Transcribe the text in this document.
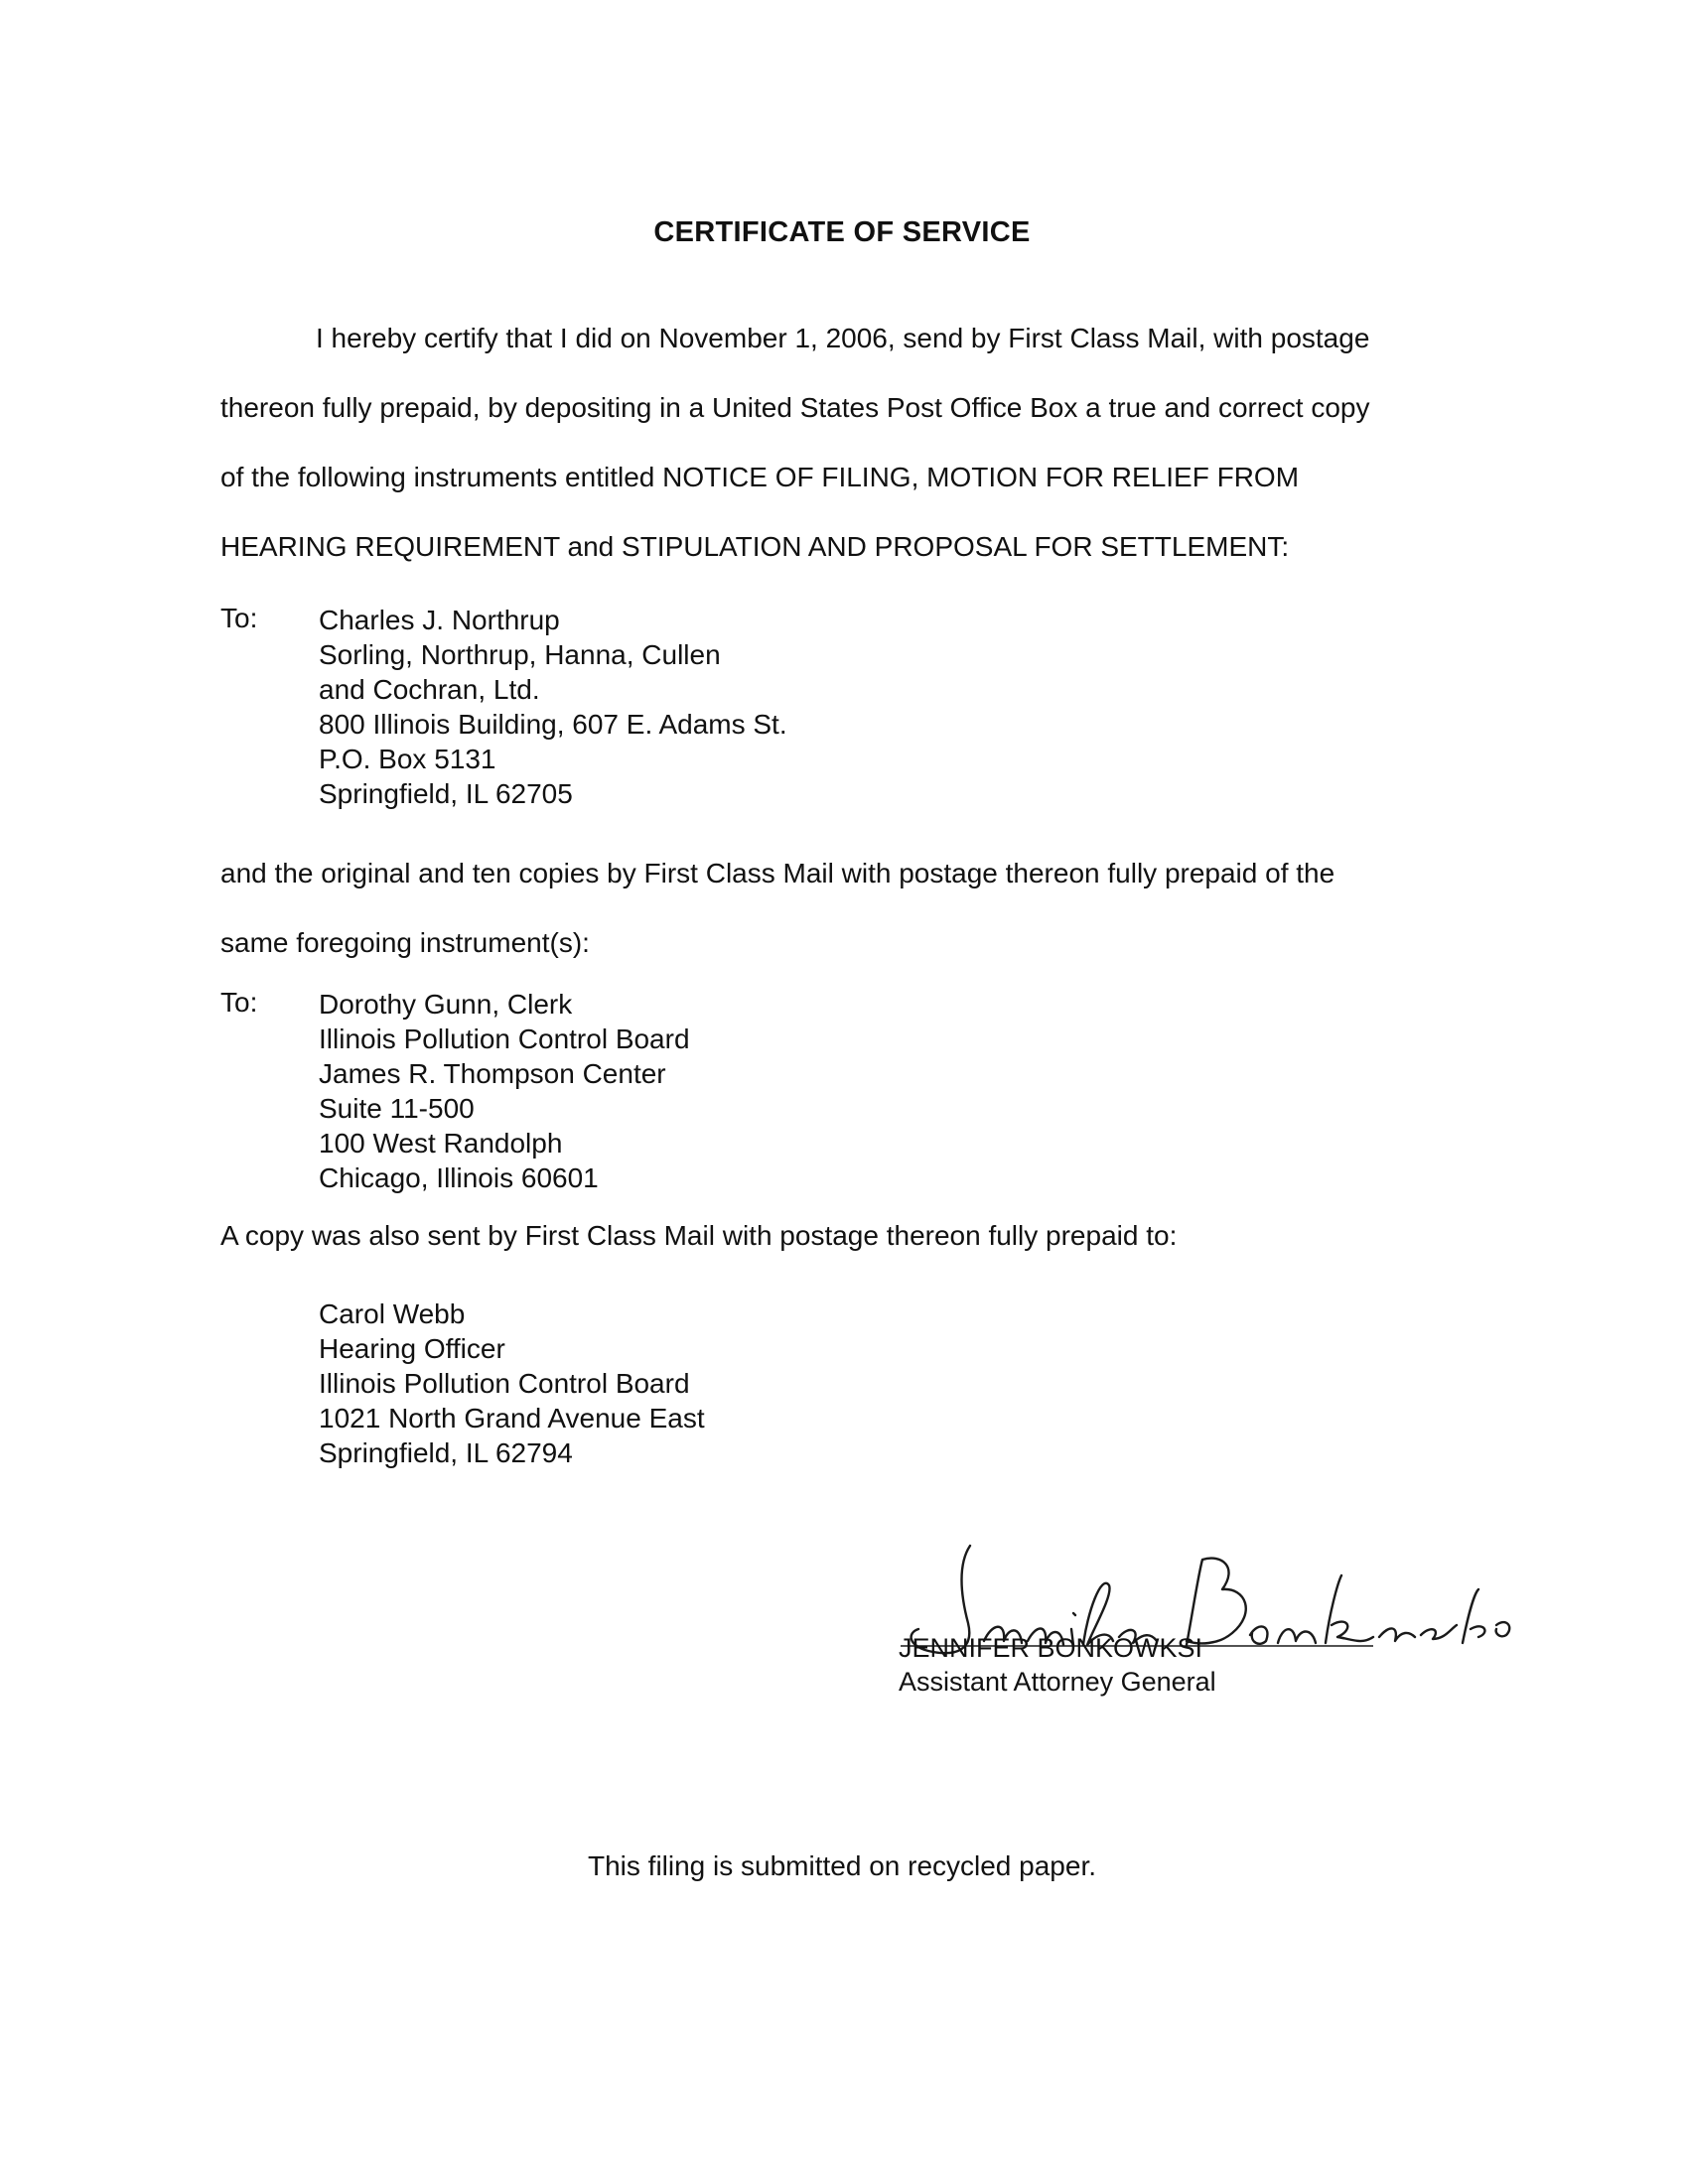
CERTIFICATE OF SERVICE
I hereby certify that I did on November 1, 2006, send by First Class Mail, with postage
thereon fully prepaid, by depositing in a United States Post Office Box a true and correct copy
of the following instruments entitled NOTICE OF FILING, MOTION FOR RELIEF FROM
HEARING REQUIREMENT and STIPULATION AND PROPOSAL FOR SETTLEMENT:
To: Charles J. Northrup
Sorling, Northrup, Hanna, Cullen
and Cochran, Ltd.
800 Illinois Building, 607 E. Adams St.
P.O. Box 5131
Springfield, IL 62705
and the original and ten copies by First Class Mail with postage thereon fully prepaid of the
same foregoing instrument(s):
To: Dorothy Gunn, Clerk
Illinois Pollution Control Board
James R. Thompson Center
Suite 11-500
100 West Randolph
Chicago, Illinois 60601
A copy was also sent by First Class Mail with postage thereon fully prepaid to:
Carol Webb
Hearing Officer
Illinois Pollution Control Board
1021 North Grand Avenue East
Springfield, IL 62794
JENNIFER BONKOWKSI
Assistant Attorney General
This filing is submitted on recycled paper.
